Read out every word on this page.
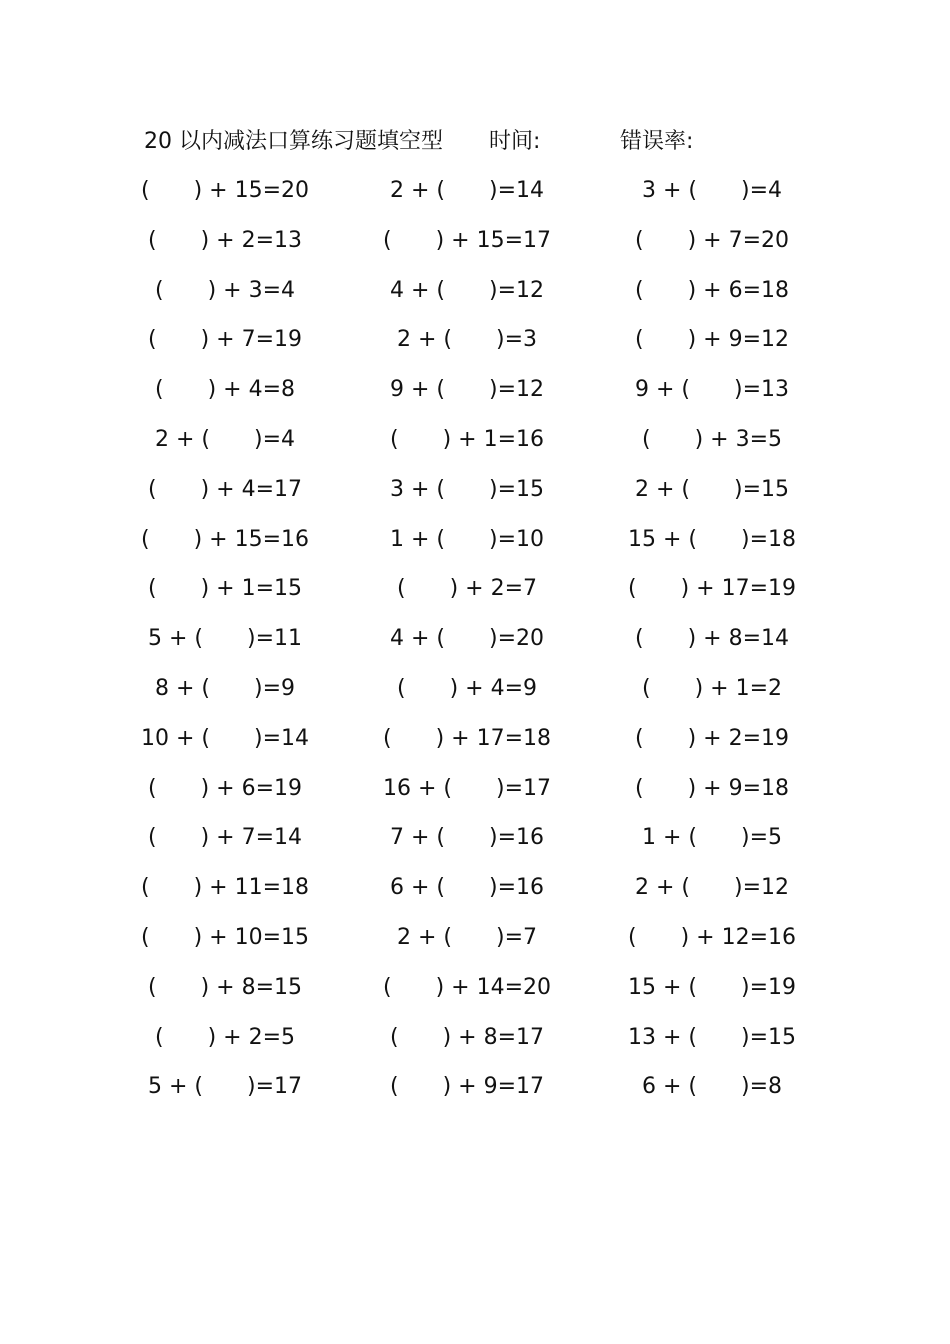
20 以内减法口算练习题填空型 时间:	错误率:
(  ) + 15=20	2 + (  )=14	3 + (  )=4
(  ) + 2=13	(  ) + 15=17	(  ) + 7=20
(  ) + 3=4	4 + (  )=12	(  ) + 6=18
(  ) + 7=19	2 + (  )=3	(  ) + 9=12
(  ) + 4=8	9 + (  )=12	9 + (  )=13
2 + (  )=4	(  ) + 1=16	(  ) + 3=5
(  ) + 4=17	3 + (  )=15	2 + (  )=15
(  ) + 15=16	1 + (  )=10	15 + (  )=18
(  ) + 1=15	(  ) + 2=7	(  ) + 17=19
5 + (  )=11	4 + (  )=20	(  ) + 8=14
8 + (  )=9	(  ) + 4=9	(  ) + 1=2
10 + (  )=14	(  ) + 17=18	(  ) + 2=19
(  ) + 6=19	16 + (  )=17	(  ) + 9=18
(  ) + 7=14	7 + (  )=16	1 + (  )=5
(  ) + 11=18	6 + (  )=16	2 + (  )=12
(  ) + 10=15	2 + (  )=7	(  ) + 12=16
(  ) + 8=15	(  ) + 14=20	15 + (  )=19
(  ) + 2=5	(  ) + 8=17	13 + (  )=15
5 + (  )=17	(  ) + 9=17	6 + (  )=8
